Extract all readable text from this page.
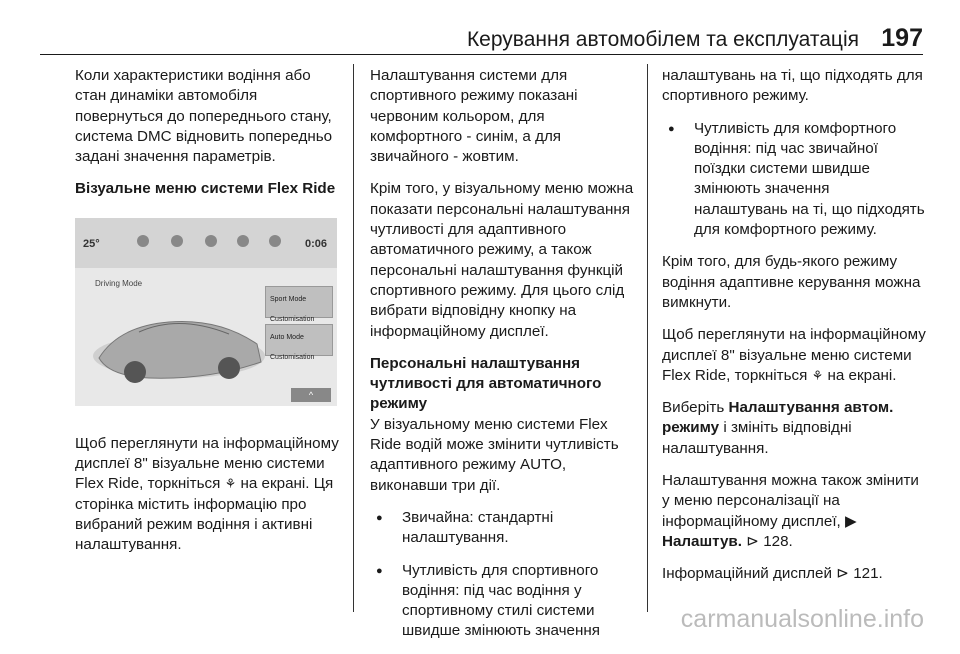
Керування автомобілем та експлуатація 197

Коли характеристики водіння або стан динаміки автомобіля повернуться до попереднього стану, система DMC відновить попередньо задані значення параметрів.

Візуальне меню системи Flex Ride

25°	0:06
Driving Mode
Sport Mode Customisation
Auto Mode Customisation
^

Щоб переглянути на інформаційному дисплеї 8" візуальне меню системи Flex Ride, торкніться ⚘ на екрані. Ця сторінка містить інформацію про вибраний режим водіння і активні налаштування.

Налаштування системи для спортивного режиму показані червоним кольором, для комфортного - синім, а для звичайного - жовтим.

Крім того, у візуальному меню можна показати персональні налаштування чутливості для адаптивного автоматичного режиму, а також персональні налаштування функцій спортивного режиму. Для цього слід вибрати відповідну кнопку на інформаційному дисплеї.

Персональні налаштування чутливості для автоматичного режиму

У візуальному меню системи Flex Ride водій може змінити чутливість адаптивного режиму AUTO, виконавши три дії.

● Звичайна: стандартні налаштування.
● Чутливість для спортивного водіння: під час водіння у спортивному стилі системи швидше змінюють значення

налаштувань на ті, що підходять для спортивного режиму.

● Чутливість для комфортного водіння: під час звичайної поїздки системи швидше змінюють значення налаштувань на ті, що підходять для комфортного режиму.

Крім того, для будь-якого режиму водіння адаптивне керування можна вимкнути.

Щоб переглянути на інформаційному дисплеї 8" візуальне меню системи Flex Ride, торкніться ⚘ на екрані.

Виберіть Налаштування автом. режиму і змініть відповідні налаштування.

Налаштування можна також змінити у меню персоналізації на інформаційному дисплеї, ▶ Налаштув. ⊳ 128.

Інформаційний дисплей ⊳ 121.

carmanualsonline.info
